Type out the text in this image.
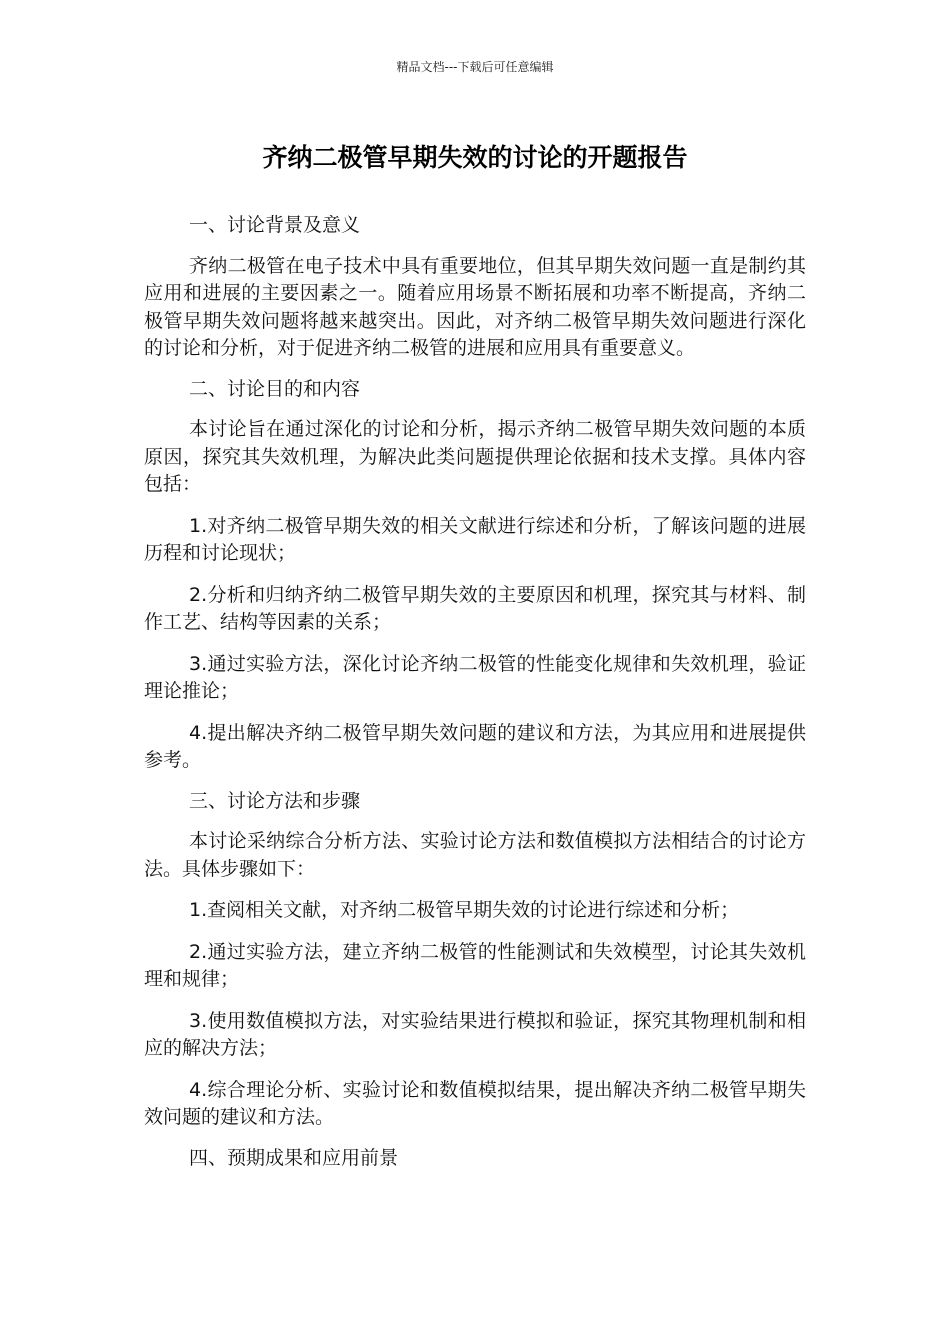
精品文档---下载后可任意编辑
齐纳二极管早期失效的讨论的开题报告

一、讨论背景及意义

齐纳二极管在电子技术中具有重要地位，但其早期失效问题一直是制约其应用和进展的主要因素之一。随着应用场景不断拓展和功率不断提高，齐纳二极管早期失效问题将越来越突出。因此，对齐纳二极管早期失效问题进行深化的讨论和分析，对于促进齐纳二极管的进展和应用具有重要意义。

二、讨论目的和内容

本讨论旨在通过深化的讨论和分析，揭示齐纳二极管早期失效问题的本质原因，探究其失效机理，为解决此类问题提供理论依据和技术支撑。具体内容包括：

1.对齐纳二极管早期失效的相关文献进行综述和分析，了解该问题的进展历程和讨论现状；

2.分析和归纳齐纳二极管早期失效的主要原因和机理，探究其与材料、制作工艺、结构等因素的关系；

3.通过实验方法，深化讨论齐纳二极管的性能变化规律和失效机理，验证理论推论；

4.提出解决齐纳二极管早期失效问题的建议和方法，为其应用和进展提供参考。

三、讨论方法和步骤

本讨论采纳综合分析方法、实验讨论方法和数值模拟方法相结合的讨论方法。具体步骤如下：

1.查阅相关文献，对齐纳二极管早期失效的讨论进行综述和分析；

2.通过实验方法，建立齐纳二极管的性能测试和失效模型，讨论其失效机理和规律；

3.使用数值模拟方法，对实验结果进行模拟和验证，探究其物理机制和相应的解决方法；

4.综合理论分析、实验讨论和数值模拟结果，提出解决齐纳二极管早期失效问题的建议和方法。

四、预期成果和应用前景
